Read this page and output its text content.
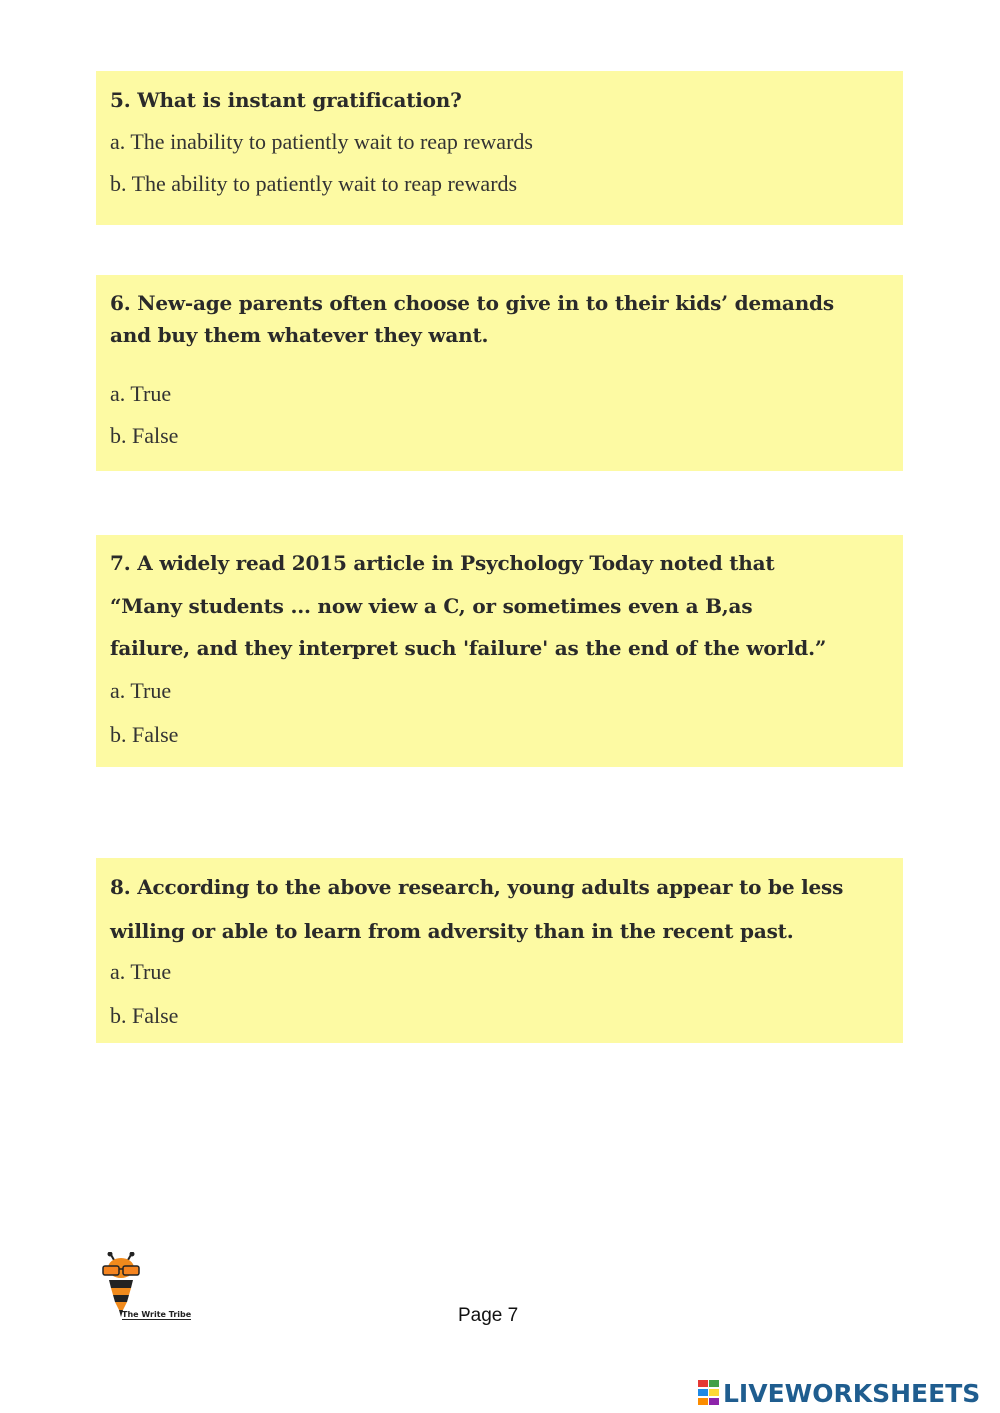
5. What is instant gratification?
a. The inability to patiently wait to reap rewards
b. The ability to patiently wait to reap rewards
6. New-age parents often choose to give in to their kids’ demands
and buy them whatever they want.
a. True
b. False
7. A widely read 2015 article in Psychology Today noted that
“Many students ... now view a C, or sometimes even a B,as
failure, and they interpret such 'failure' as the end of the world.”
a. True
b. False
8. According to the above research, young adults appear to be less
willing or able to learn from adversity than in the recent past.
a. True
b. False
The Write Tribe	Page 7
LIVEWORKSHEETS
